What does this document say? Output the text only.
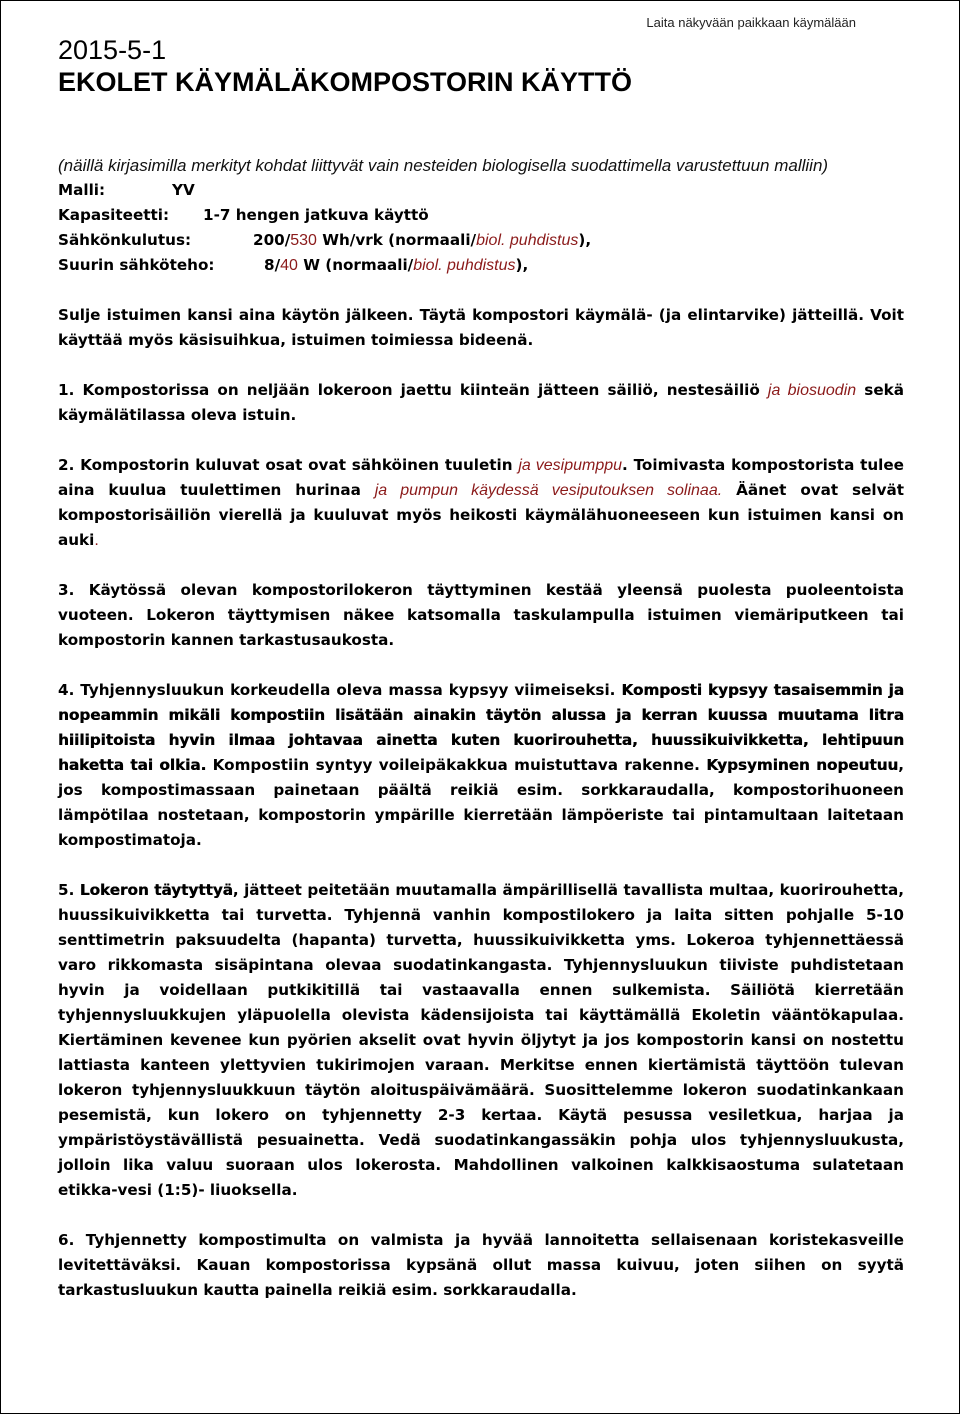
Laita näkyvään paikkaan käymälään
2015-5-1
EKOLET KÄYMÄLÄKOMPOSTORIN KÄYTTÖ

(näillä kirjasimilla merkityt kohdat liittyvät vain nesteiden biologisella suodattimella varustettuun malliin)

Malli:	YV

Kapasiteetti: 1-7 hengen jatkuva käyttö

Sähkönkulutus:	200/530 Wh/vrk (normaali/biol. puhdistus),

Suurin sähköteho:	8/40 W (normaali/biol. puhdistus),

Sulje istuimen kansi aina käytön jälkeen. Täytä kompostori käymälä- (ja elintarvike) jätteillä. Voit käyttää myös käsisuihkua, istuimen toimiessa bideenä.

1. Kompostorissa on neljään lokeroon jaettu kiinteän jätteen säiliö, nestesäiliö ja biosuodin sekä käymälätilassa oleva istuin.

2. Kompostorin kuluvat osat ovat sähköinen tuuletin ja vesipumppu. Toimivasta kompostorista tulee aina kuulua tuulettimen hurinaa ja pumpun käydessä vesiputouksen solinaa. Äänet ovat selvät kompostorisäiliön vierellä ja kuuluvat myös heikosti käymälähuoneeseen kun istuimen kansi on auki.

3. Käytössä olevan kompostorilokeron täyttyminen kestää yleensä puolesta puoleentoista vuoteen. Lokeron täyttymisen näkee katsomalla taskulampulla istuimen viemäriputkeen tai kompostorin kannen tarkastusaukosta.

4. Tyhjennysluukun korkeudella oleva massa kypsyy viimeiseksi. Komposti kypsyy tasaisemmin ja nopeammin mikäli kompostiin lisätään ainakin täytön alussa ja kerran kuussa muutama litra hiilipitoista hyvin ilmaa johtavaa ainetta kuten kuorirouhetta, huussikuivikketta, lehtipuun haketta tai olkia. Kompostiin syntyy voileipäkakkua muistuttava rakenne. Kypsyminen nopeutuu, jos kompostimassaan painetaan päältä reikiä esim. sorkkaraudalla, kompostorihuoneen lämpötilaa nostetaan, kompostorin ympärille kierretään lämpöeriste tai pintamultaan laitetaan kompostimatoja.

5. Lokeron täytyttyä, jätteet peitetään muutamalla ämpärillisellä tavallista multaa, kuorirouhetta, huussikuivikketta tai turvetta. Tyhjennä vanhin kompostilokero ja laita sitten pohjalle 5-10 senttimetrin paksuudelta (hapanta) turvetta, huussikuivikketta yms. Lokeroa tyhjennettäessä varo rikkomasta sisäpintana olevaa suodatinkangasta. Tyhjennysluukun tiiviste puhdistetaan hyvin ja voidellaan putkikitillä tai vastaavalla ennen sulkemista. Säiliötä kierretään tyhjennysluukkujen yläpuolella olevista kädensijoista tai käyttämällä Ekoletin vääntökapulaa. Kiertäminen kevenee kun pyörien akselit ovat hyvin öljytyt ja jos kompostorin kansi on nostettu lattiasta kanteen ylettyvien tukirimojen varaan. Merkitse ennen kiertämistä täyttöön tulevan lokeron tyhjennysluukkuun täytön aloituspäivämäärä. Suosittelemme lokeron suodatinkankaan pesemistä, kun lokero on tyhjennetty 2-3 kertaa. Käytä pesussa vesiletkua, harjaa ja ympäristöystävällistä pesuainetta. Vedä suodatinkangassäkin pohja ulos tyhjennysluukusta, jolloin lika valuu suoraan ulos lokerosta. Mahdollinen valkoinen kalkkisaostuma sulatetaan etikka-vesi (1:5)- liuoksella.

6. Tyhjennetty kompostimulta on valmista ja hyvää lannoitetta sellaisenaan koristekasveille levitettäväksi. Kauan kompostorissa kypsänä ollut massa kuivuu, joten siihen on syytä tarkastusluukun kautta painella reikiä esim. sorkkaraudalla.
